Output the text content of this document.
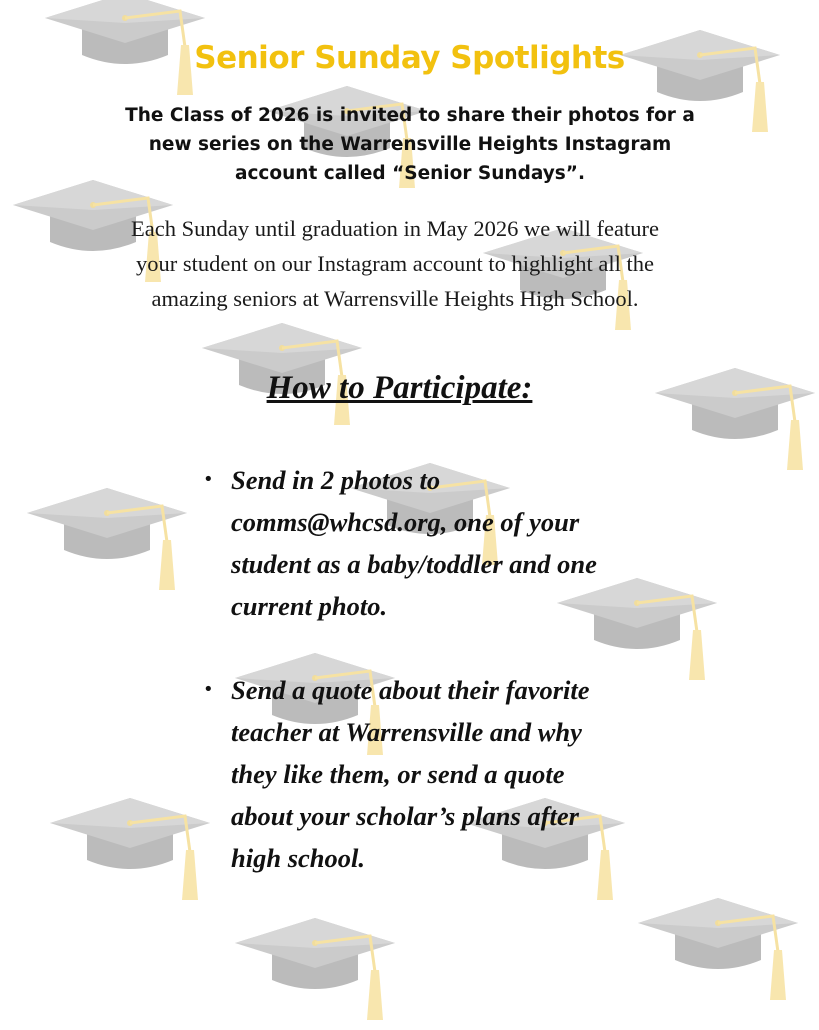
Senior Sunday Spotlights
The Class of 2026 is invited to share their photos for a new series on the Warrensville Heights Instagram account called “Senior Sundays”.
Each Sunday until graduation in May 2026 we will feature your student on our Instagram account to highlight all the amazing seniors at Warrensville Heights High School.
How to Participate:
• Send in 2 photos to comms@whcsd.org, one of your student as a baby/toddler and one current photo.
• Send a quote about their favorite teacher at Warrensville and why they like them, or send a quote about your scholar’s plans after high school.
